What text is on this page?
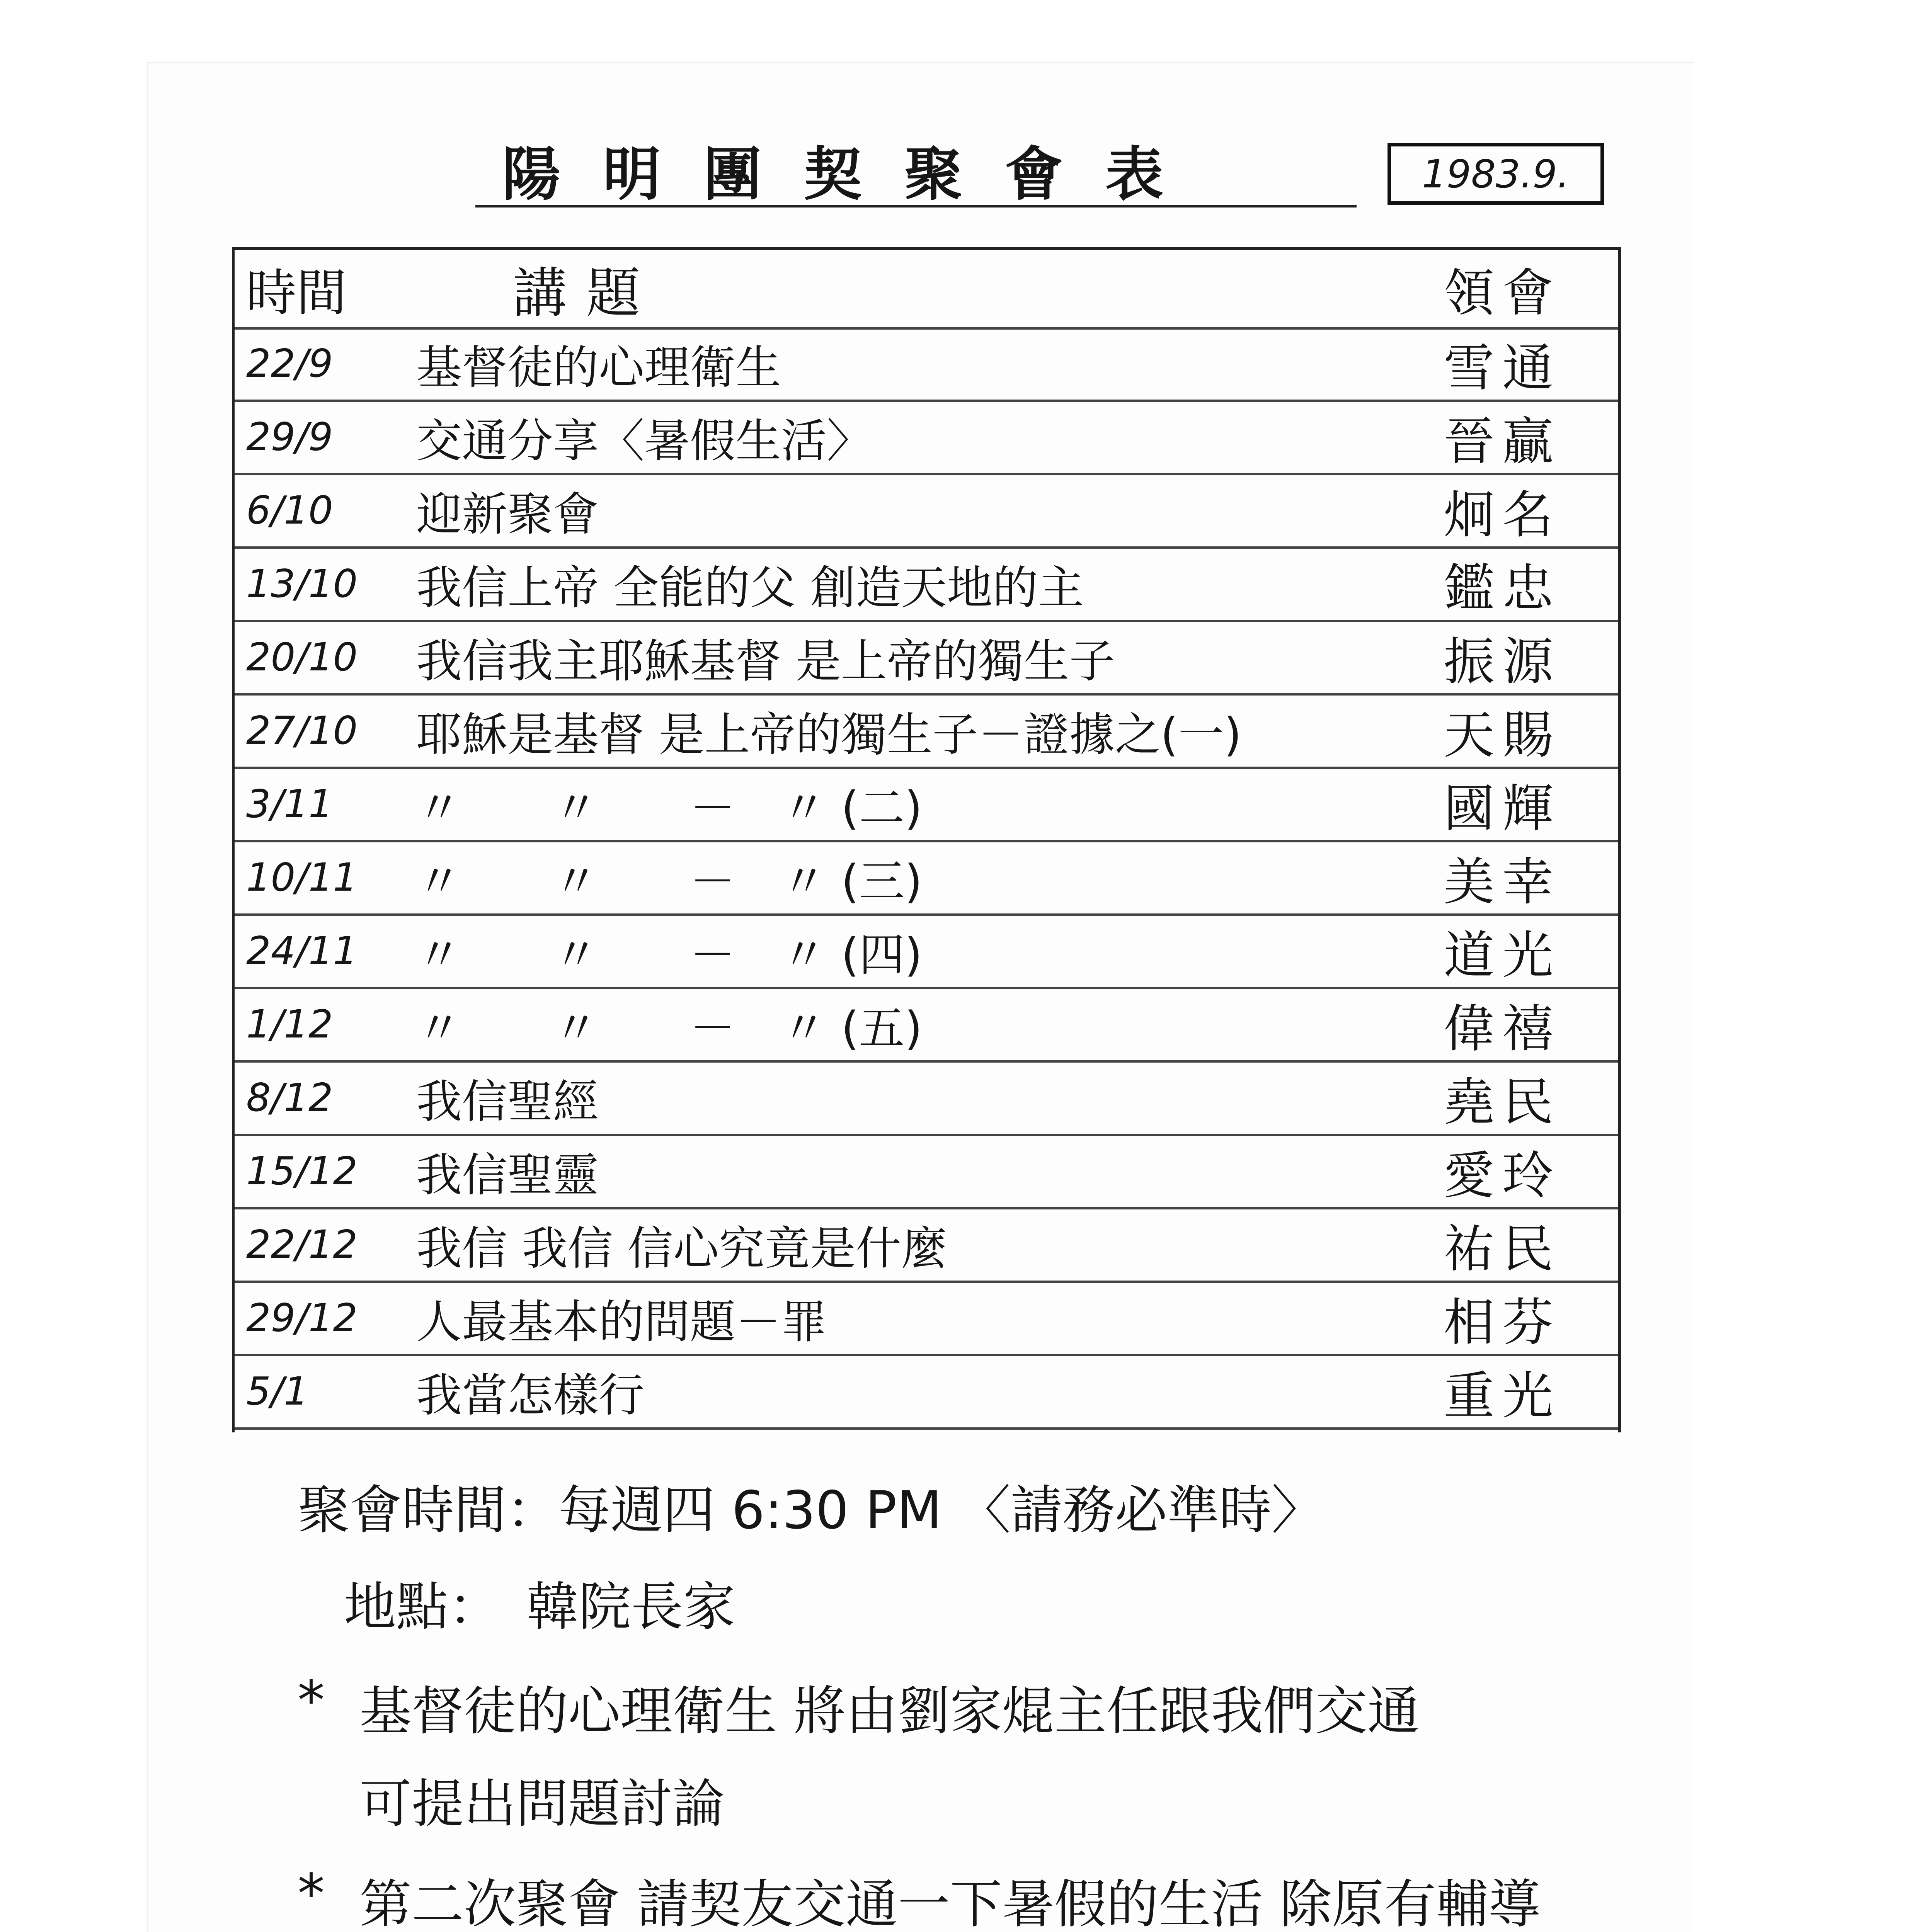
陽明團契聚會表	1983.9.
時間	講題	領會
22/9	基督徒的心理衛生	雪通
29/9	交通分享〈暑假生活〉	晉贏
6/10	迎新聚會	炯名
13/10	我信上帝 全能的父 創造天地的主	鑑忠
20/10	我信我主耶穌基督 是上帝的獨生子	振源
27/10	耶穌是基督 是上帝的獨生子－證據之(一)	天賜
3/11	〃　　〃　　－　〃 (二)	國輝
10/11	〃　　〃　　－　〃 (三)	美幸
24/11	〃　　〃　　－　〃 (四)	道光
1/12	〃　　〃　　－　〃 (五)	偉禧
8/12	我信聖經	堯民
15/12	我信聖靈	愛玲
22/12	我信 我信 信心究竟是什麼	祐民
29/12	人最基本的問題－罪	相芬
5/1	我當怎樣行	重光
聚會時間：每週四 6:30 PM 〈請務必準時〉
地點：　韓院長家
* 基督徒的心理衛生 將由劉家焜主任跟我們交通
可提出問題討論
* 第二次聚會 請契友交通一下暑假的生活 除原有輔導
